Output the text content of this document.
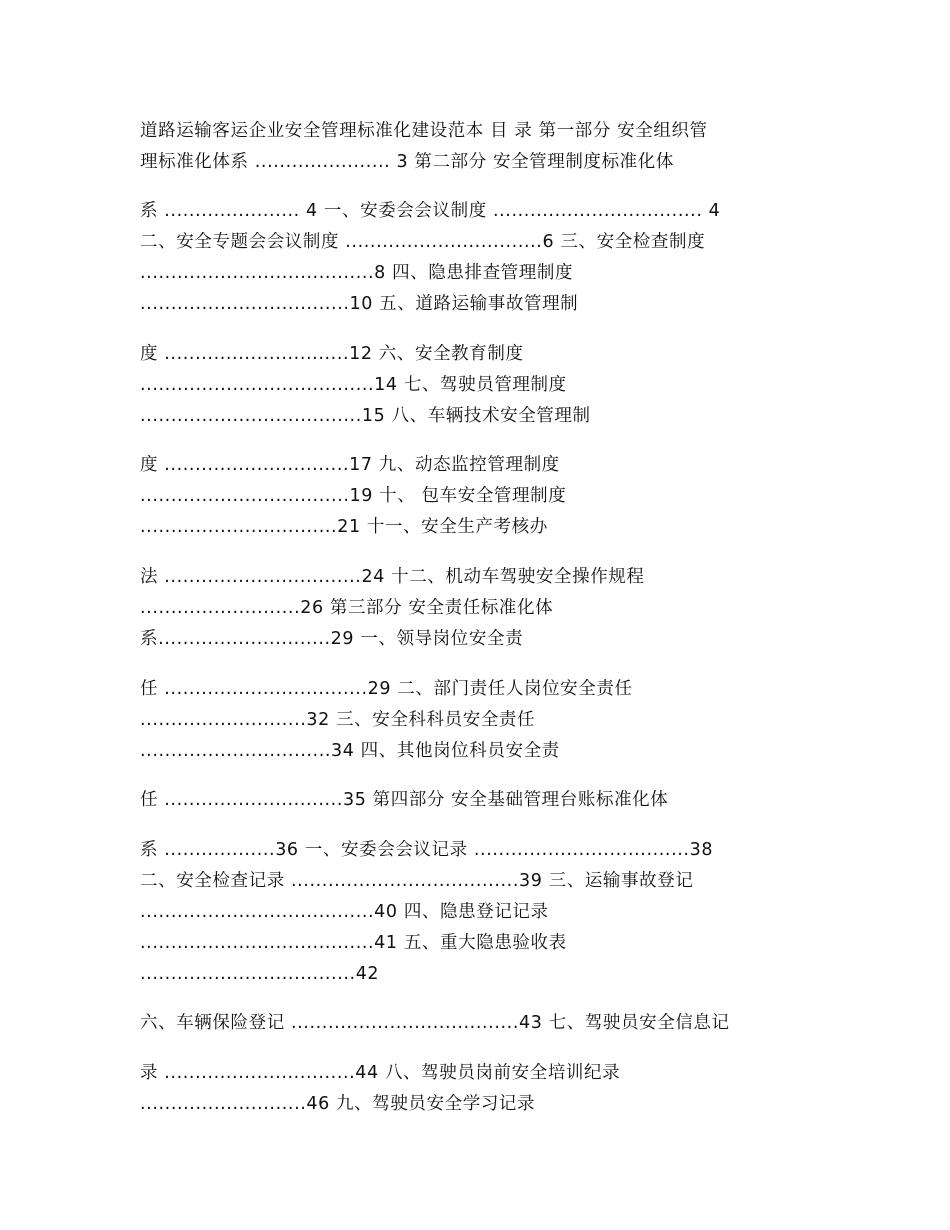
道路运输客运企业安全管理标准化建设范本 目 录 第一部分 安全组织管
理标准化体系 ...................... 3 第二部分 安全管理制度标准化体
系 ...................... 4 一、安委会会议制度 .................................. 4
二、安全专题会会议制度 ................................6 三、安全检查制度
......................................8 四、隐患排查管理制度
..................................10 五、道路运输事故管理制
度 ..............................12 六、安全教育制度
......................................14 七、驾驶员管理制度
....................................15 八、车辆技术安全管理制
度 ..............................17 九、动态监控管理制度
..................................19 十、 包车安全管理制度
................................21 十一、安全生产考核办
法 ................................24 十二、机动车驾驶安全操作规程
..........................26 第三部分 安全责任标准化体
系............................29 一、领导岗位安全责
任 .................................29 二、部门责任人岗位安全责任
...........................32 三、安全科科员安全责任
...............................34 四、其他岗位科员安全责
任 .............................35 第四部分 安全基础管理台账标准化体
系 ..................36 一、安委会会议记录 ...................................38
二、安全检查记录 .....................................39 三、运输事故登记
......................................40 四、隐患登记记录
......................................41 五、重大隐患验收表
...................................42
六、车辆保险登记 .....................................43 七、驾驶员安全信息记
录 ...............................44 八、驾驶员岗前安全培训纪录
...........................46 九、驾驶员安全学习记录
